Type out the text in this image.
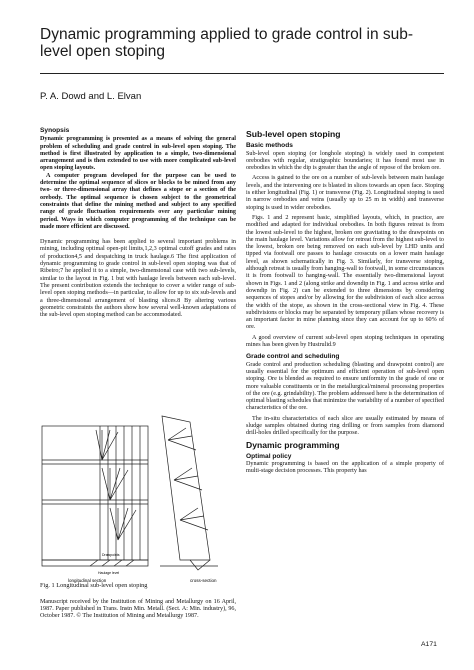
Dynamic programming applied to grade control in sub-level open stoping
P. A. Dowd and L. Elvan
Synopsis

Dynamic programming is presented as a means of solving the general problem of scheduling and grade control in sub-level open stoping. The method is first illustrated by application to a simple, two-dimensional arrangement and is then extended to use with more complicated sub-level open stoping layouts.

A computer program developed for the purpose can be used to determine the optimal sequence of slices or blocks to be mined from any two- or three-dimensional array that defines a stope or a section of the orebody. The optimal sequence is chosen subject to the geometrical constraints that define the mining method and subject to any specified range of grade fluctuation requirements over any particular mining period. Ways in which computer programming of the technique can be made more efficient are discussed.

Dynamic programming has been applied to several important problems in mining, including optimal open-pit limits,1,2,3 optimal cutoff grades and rates of production4,5 and despatching in truck haulage.6 The first application of dynamic programming to grade control in sub-level open stoping was that of Ribeiro;7 he applied it to a simple, two-dimensional case with two sub-levels, similar to the layout in Fig. 1 but with haulage levels between each sub-level. The present contribution extends the technique to cover a wider range of sub-level open stoping methods—in particular, to allow for up to six sub-levels and a three-dimensional arrangement of blasting slices.8 By altering various geometric constraints the authors show how several well-known adaptations of the sub-level open stoping method can be accommodated.

cross-section
longitudinal section
Haulage level
Drawpoints
Fig. 1 Longitudinal sub-level open stoping
Manuscript received by the Institution of Mining and Metallurgy on 16 April, 1987. Paper published in Trans. Instn Min. Metall. (Sect. A: Min. industry), 96, October 1987. © The Institution of Mining and Metallurgy 1987.
Sub-level open stoping
Basic methods

Sub-level open stoping (or longhole stoping) is widely used in competent orebodies with regular, stratigraphic boundaries; it has found most use in orebodies in which the dip is greater than the angle of repose of the broken ore.

Access is gained to the ore on a number of sub-levels between main haulage levels, and the intervening ore is blasted in slices towards an open face. Stoping is either longitudinal (Fig. 1) or transverse (Fig. 2). Longitudinal stoping is used in narrow orebodies and veins (usually up to 25 m in width) and transverse stoping is used in wider orebodies.

Figs. 1 and 2 represent basic, simplified layouts, which, in practice, are modified and adapted for individual orebodies. In both figures retreat is from the lowest sub-level to the highest, broken ore gravitating to the drawpoints on the main haulage level. Variations allow for retreat from the highest sub-level to the lowest, broken ore being removed on each sub-level by LHD units and tipped via footwall ore passes to haulage crosscuts on a lower main haulage level, as shown schematically in Fig. 3. Similarly, for transverse stoping, although retreat is usually from hanging-wall to footwall, in some circumstances it is from footwall to hanging-wall. The essentially two-dimensional layout shown in Figs. 1 and 2 (along strike and downdip in Fig. 1 and across strike and downdip in Fig. 2) can be extended to three dimensions by considering sequences of stopes and/or by allowing for the subdivision of each slice across the width of the stope, as shown in the cross-sectional view in Fig. 4. These subdivisions or blocks may be separated by temporary pillars whose recovery is an important factor in mine planning since they can account for up to 60% of ore.

A good overview of current sub-level open stoping techniques in operating mines has been given by Hustrulid.9

Grade control and scheduling

Grade control and production scheduling (blasting and drawpoint control) are usually essential for the optimum and efficient operation of sub-level open stoping. Ore is blended as required to ensure uniformity in the grade of one or more valuable constituents or in the metallurgical/mineral processing properties of the ore (e.g. grindability). The problem addressed here is the determination of optimal blasting schedules that minimize the variability of a number of specified characteristics of the ore.

The in-situ characteristics of each slice are usually estimated by means of sludge samples obtained during ring drilling or from samples from diamond drill-holes drilled specifically for the purpose.

Dynamic programming
Optimal policy

Dynamic programming is based on the application of a simple property of multi-stage decision processes. This property has

A171
